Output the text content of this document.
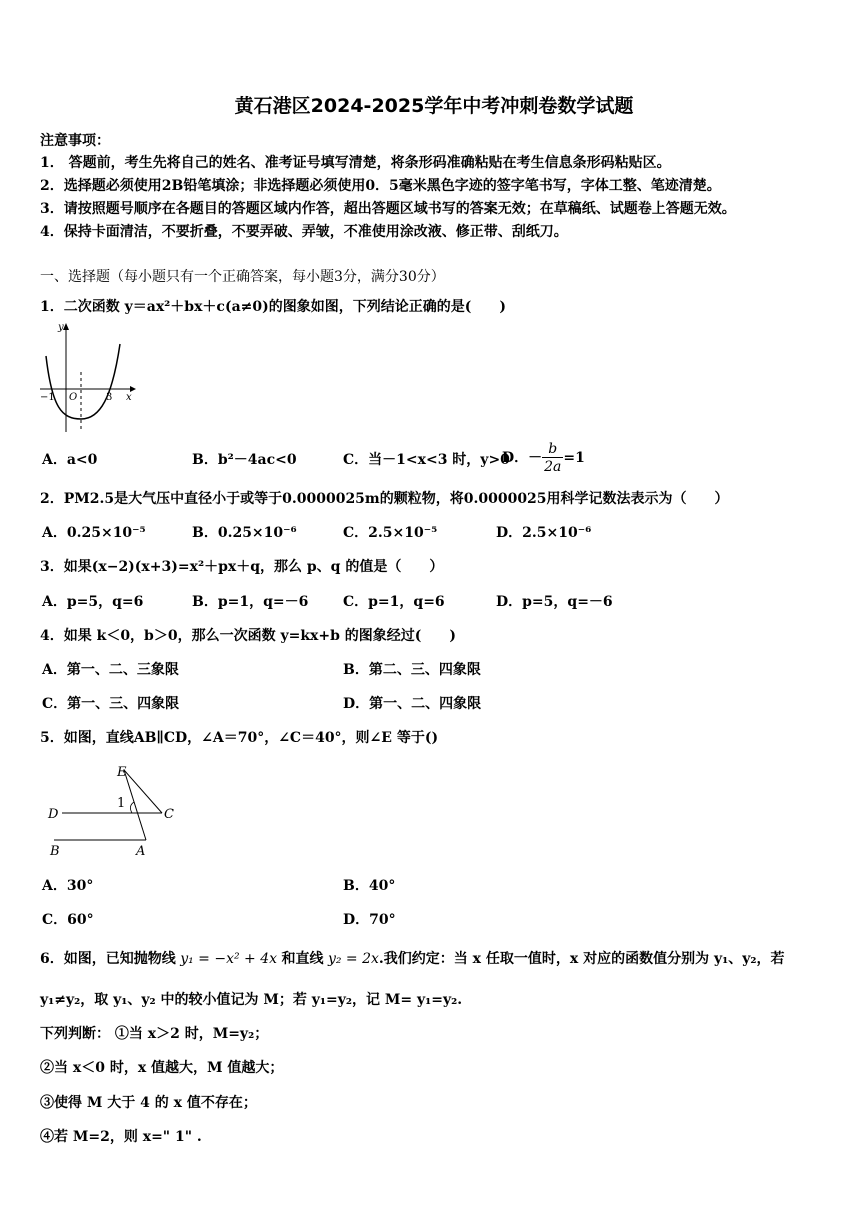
黄石港区2024-2025学年中考冲刺卷数学试题
注意事项：
1． 答题前，考生先将自己的姓名、准考证号填写清楚，将条形码准确粘贴在考生信息条形码粘贴区。
2．选择题必须使用2B铅笔填涂；非选择题必须使用0．5毫米黑色字迹的签字笔书写，字体工整、笔迹清楚。
3．请按照题号顺序在各题目的答题区域内作答，超出答题区域书写的答案无效；在草稿纸、试题卷上答题无效。
4．保持卡面清洁，不要折叠，不要弄破、弄皱，不准使用涂改液、修正带、刮纸刀。
一、选择题（每小题只有一个正确答案，每小题3分，满分30分）
1．二次函数 y＝ax²＋bx＋c(a≠0)的图象如图，下列结论正确的是(　　)
y
−1 O	3 x
A．a<0	B．b²－4ac<0	C．当－1<x<3 时，y>0
D．－ $\frac{b}{2a} =1$
2．PM2.5是大气压中直径小于或等于0.0000025m的颗粒物，将0.0000025用科学记数法表示为（　　）
A．0.25×10⁻⁵	B．0.25×10⁻⁶	C．2.5×10⁻⁵	D．2.5×10⁻⁶
3．如果(x−2)(x+3)=x²＋px＋q，那么 p、q 的值是（　　）
A．p=5，q=6	B．p=1，q=－6 C．p=1，q=6	D．p=5，q=－6
4．如果 k＜0，b＞0，那么一次函数 y=kx+b 的图象经过(　　)
A．第一、二、三象限	B．第二、三、四象限
C．第一、三、四象限	D．第一、二、四象限
5．如图，直线AB∥CD，∠A＝70°，∠C＝40°，则∠E 等于()
E
1
D	C
B	A
A．30°	B．40°
C．60°	D．70°
6．如图，已知抛物线 y₁ = −x² + 4x 和直线 y₂ = 2x.我们约定：当 x 任取一值时，x 对应的函数值分别为 y₁、y₂，若
y₁≠y₂，取 y₁、y₂ 中的较小值记为 M；若 y₁=y₂，记 M= y₁=y₂.
下列判断： ①当 x＞2 时，M=y₂；
②当 x＜0 时，x 值越大，M 值越大；
③使得 M 大于 4 的 x 值不存在；
④若 M=2，则 x=" 1" .
